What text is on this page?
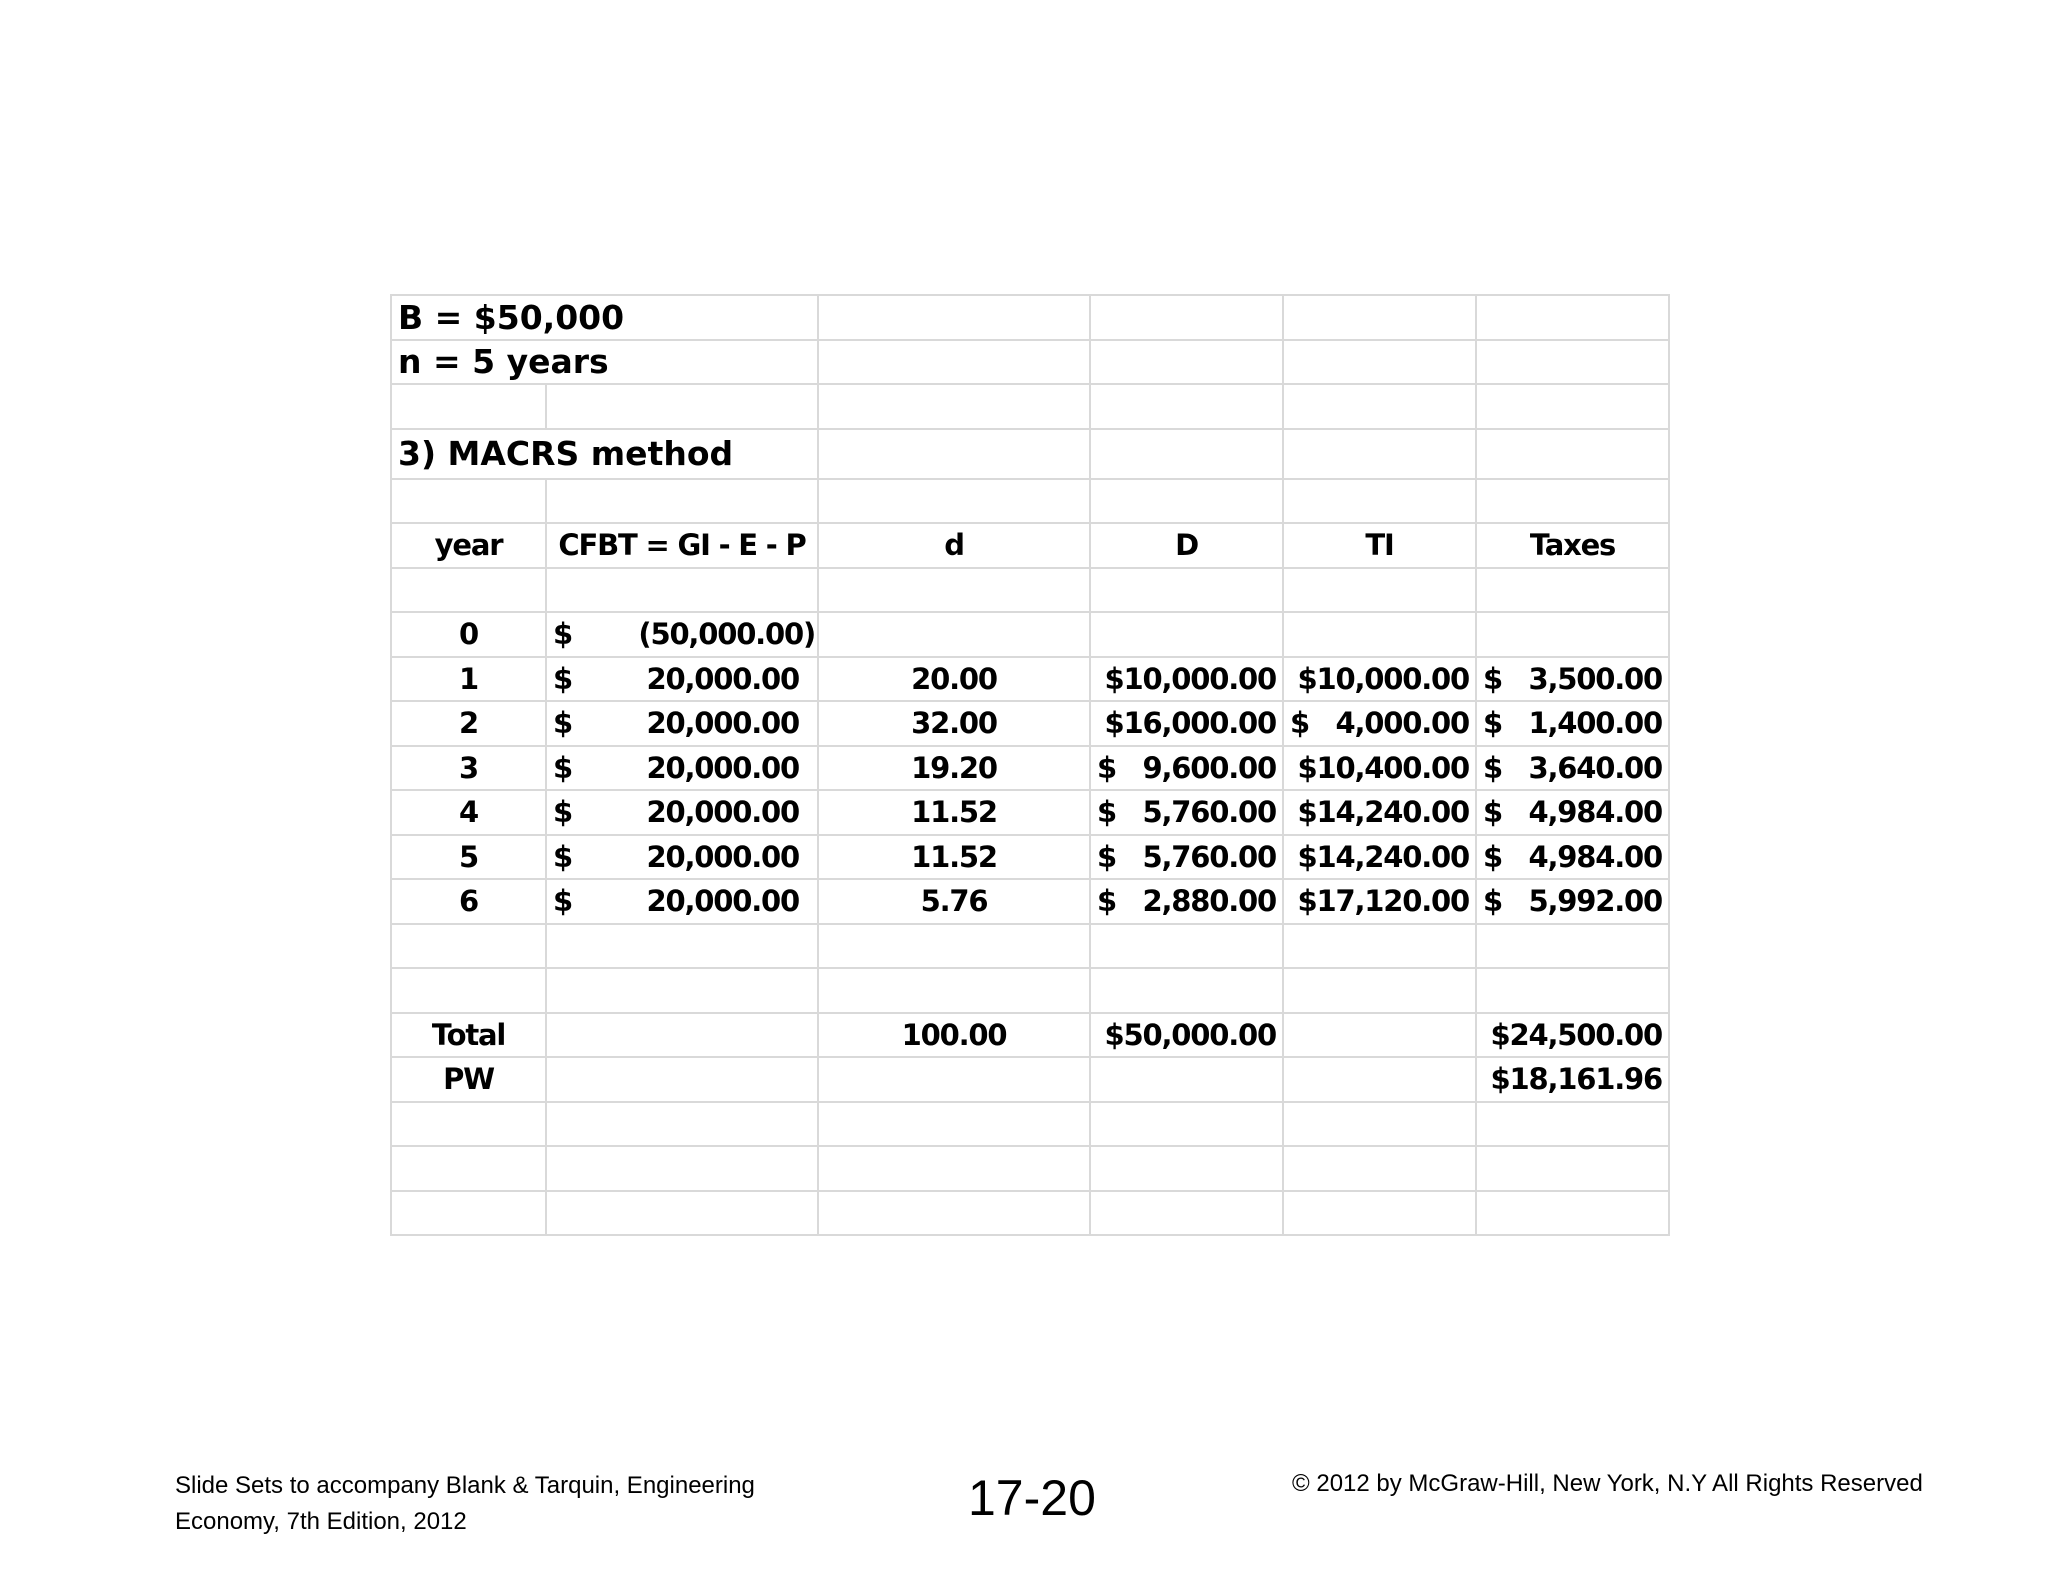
B = $50,000					
n = 5 years					

3) MACRS method					

year	CFBT = GI - E - P	d	D	TI	Taxes

0	$ (50,000.00)				

1	$ 20,000.00	20.00	$10,000.00	$10,000.00	$ 3,500.00

2	$ 20,000.00	32.00	$16,000.00	$ 4,000.00	$ 1,400.00

3	$ 20,000.00	19.20	$ 9,600.00	$10,400.00	$ 3,640.00

4	$ 20,000.00	11.52	$ 5,760.00	$14,240.00	$ 4,984.00

5	$ 20,000.00	11.52	$ 5,760.00	$14,240.00	$ 4,984.00

6	$ 20,000.00	5.76	$ 2,880.00	$17,120.00	$ 5,992.00

Total		100.00	$50,000.00		$24,500.00
PW					$18,161.96

Slide Sets to accompany Blank & Tarquin, Engineering Economy, 7th Edition, 2012	17-20	© 2012 by McGraw-Hill, New York, N.Y All Rights Reserved
